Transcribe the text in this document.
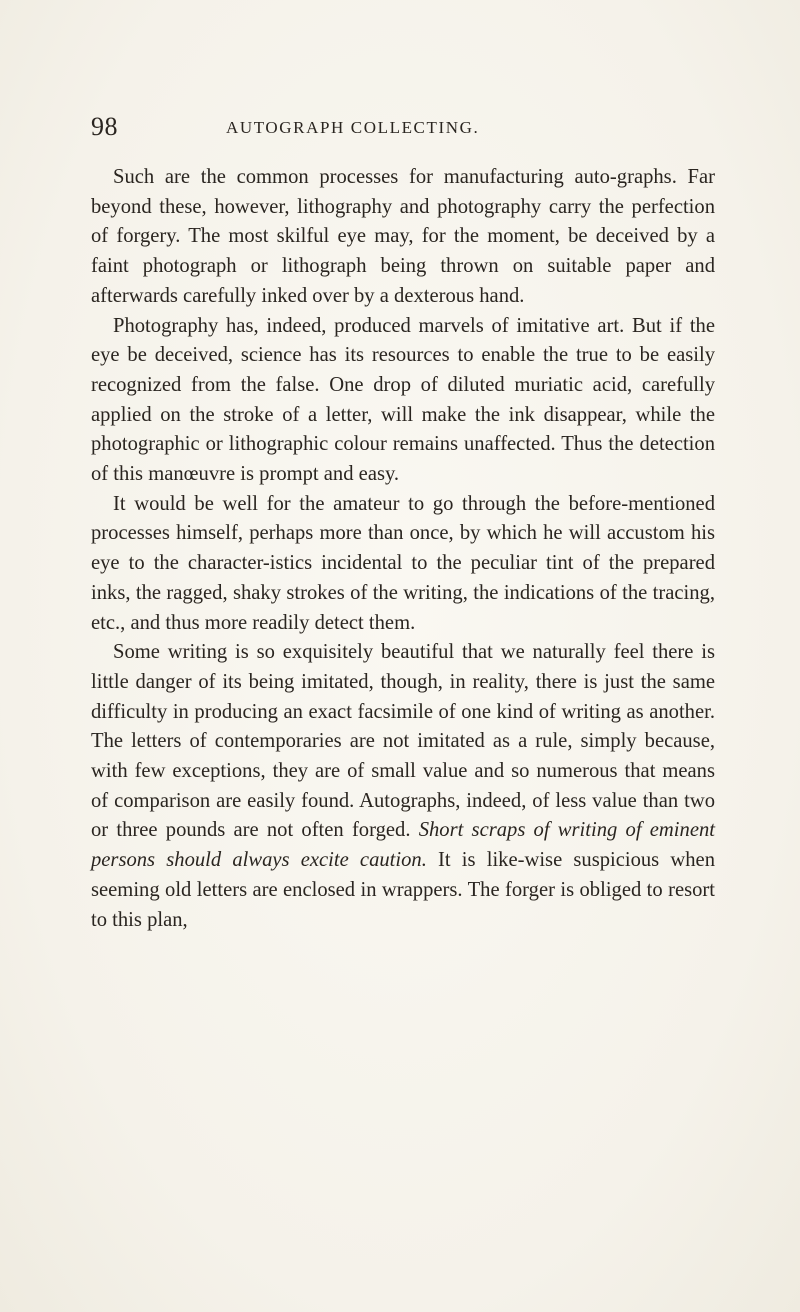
98	AUTOGRAPH COLLECTING.

Such are the common processes for manufacturing auto-graphs. Far beyond these, however, lithography and photography carry the perfection of forgery. The most skilful eye may, for the moment, be deceived by a faint photograph or lithograph being thrown on suitable paper and afterwards carefully inked over by a dexterous hand.

Photography has, indeed, produced marvels of imitative art. But if the eye be deceived, science has its resources to enable the true to be easily recognized from the false. One drop of diluted muriatic acid, carefully applied on the stroke of a letter, will make the ink disappear, while the photographic or lithographic colour remains unaffected. Thus the detection of this manœuvre is prompt and easy.

It would be well for the amateur to go through the before-mentioned processes himself, perhaps more than once, by which he will accustom his eye to the character-istics incidental to the peculiar tint of the prepared inks, the ragged, shaky strokes of the writing, the indications of the tracing, etc., and thus more readily detect them.

Some writing is so exquisitely beautiful that we naturally feel there is little danger of its being imitated, though, in reality, there is just the same difficulty in producing an exact facsimile of one kind of writing as another. The letters of contemporaries are not imitated as a rule, simply because, with few exceptions, they are of small value and so numerous that means of comparison are easily found. Autographs, indeed, of less value than two or three pounds are not often forged. Short scraps of writing of eminent persons should always excite caution. It is like-wise suspicious when seeming old letters are enclosed in wrappers. The forger is obliged to resort to this plan,
